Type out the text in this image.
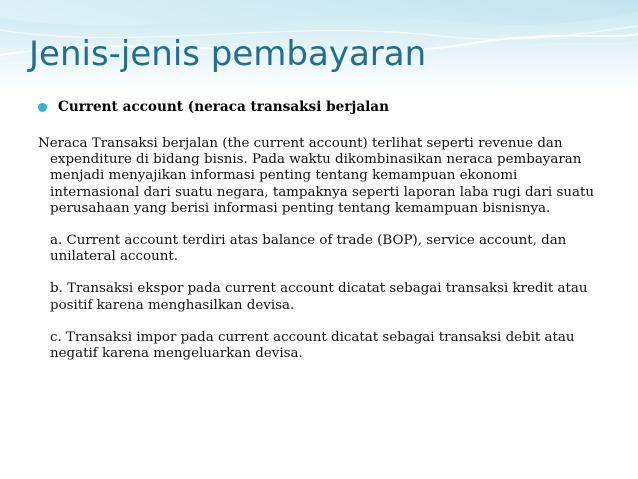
Jenis-jenis pembayaran
Current account (neraca transaksi berjalan

Neraca Transaksi berjalan (the current account) terlihat seperti revenue dan expenditure di bidang bisnis. Pada waktu dikombinasikan neraca pembayaran menjadi menyajikan informasi penting tentang kemampuan ekonomi internasional dari suatu negara, tampaknya seperti laporan laba rugi dari suatu perusahaan yang berisi informasi penting tentang kemampuan bisnisnya.

a. Current account terdiri atas balance of trade (BOP), service account, dan unilateral account.

b. Transaksi ekspor pada current account dicatat sebagai transaksi kredit atau positif karena menghasilkan devisa.

c. Transaksi impor pada current account dicatat sebagai transaksi debit atau negatif karena mengeluarkan devisa.
